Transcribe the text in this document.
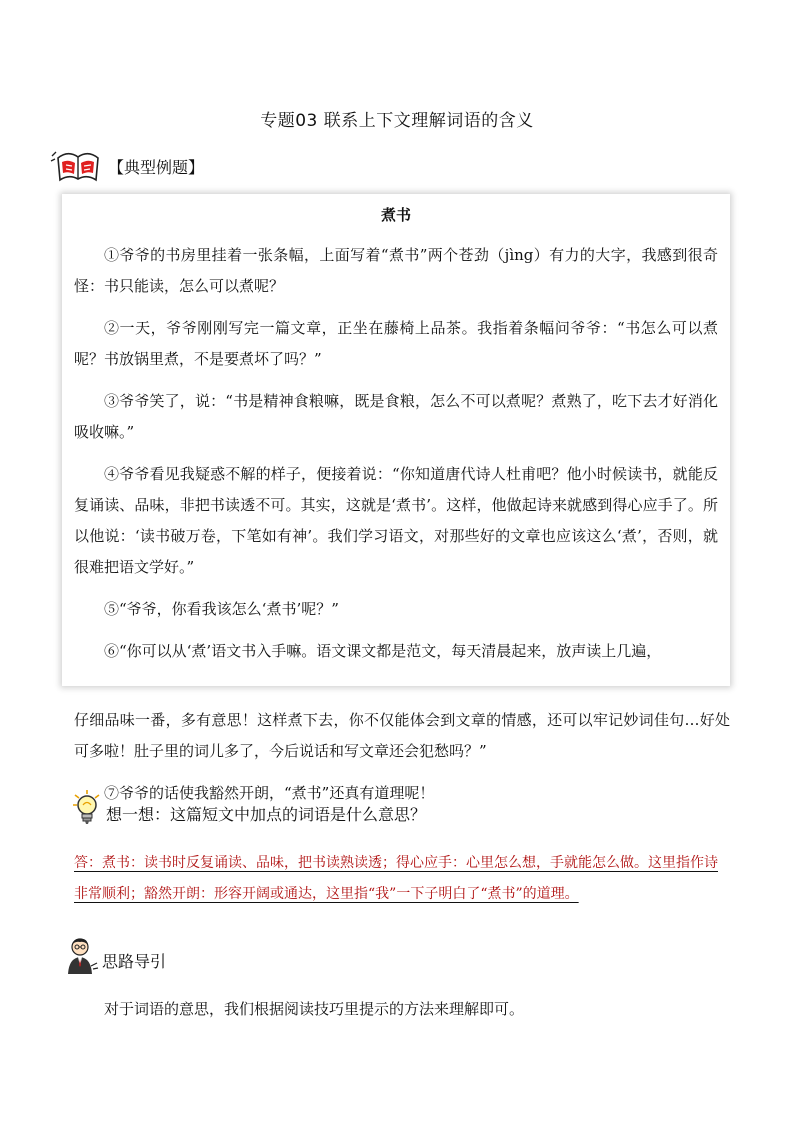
专题03 联系上下文理解词语的含义
【典型例题】
煮书

①爷爷的书房里挂着一张条幅，上面写着“煮书”两个苍劲（jìng）有力的大字，我感到很奇怪：书只能读，怎么可以煮呢？

②一天，爷爷刚刚写完一篇文章，正坐在藤椅上品茶。我指着条幅问爷爷：“书怎么可以煮呢？书放锅里煮，不是要煮坏了吗？”

③爷爷笑了，说：“书是精神食粮嘛，既是食粮，怎么不可以煮呢？煮熟了，吃下去才好消化吸收嘛。”

④爷爷看见我疑惑不解的样子，便接着说：“你知道唐代诗人杜甫吧？他小时候读书，就能反复诵读、品味，非把书读透不可。其实，这就是‘煮书’。这样，他做起诗来就感到得心应手了。所以他说：‘读书破万卷，下笔如有神’。我们学习语文，对那些好的文章也应该这么‘煮’，否则，就很难把语文学好。”

⑤“爷爷，你看我该怎么‘煮书’呢？”

⑥“你可以从‘煮’语文书入手嘛。语文课文都是范文，每天清晨起来，放声读上几遍，

仔细品味一番，多有意思！这样煮下去，你不仅能体会到文章的情感，还可以牢记妙词佳句…好处可多啦！肚子里的词儿多了，今后说话和写文章还会犯愁吗？”

⑦爷爷的话使我豁然开朗，“煮书”还真有道理呢！

想一想：这篇短文中加点的词语是什么意思？
答：煮书：读书时反复诵读、品味，把书读熟读透；得心应手：心里怎么想，手就能怎么做。这里指作诗非常顺利；豁然开朗：形容开阔或通达，这里指“我”一下子明白了“煮书”的道理。
思路导引
对于词语的意思，我们根据阅读技巧里提示的方法来理解即可。
